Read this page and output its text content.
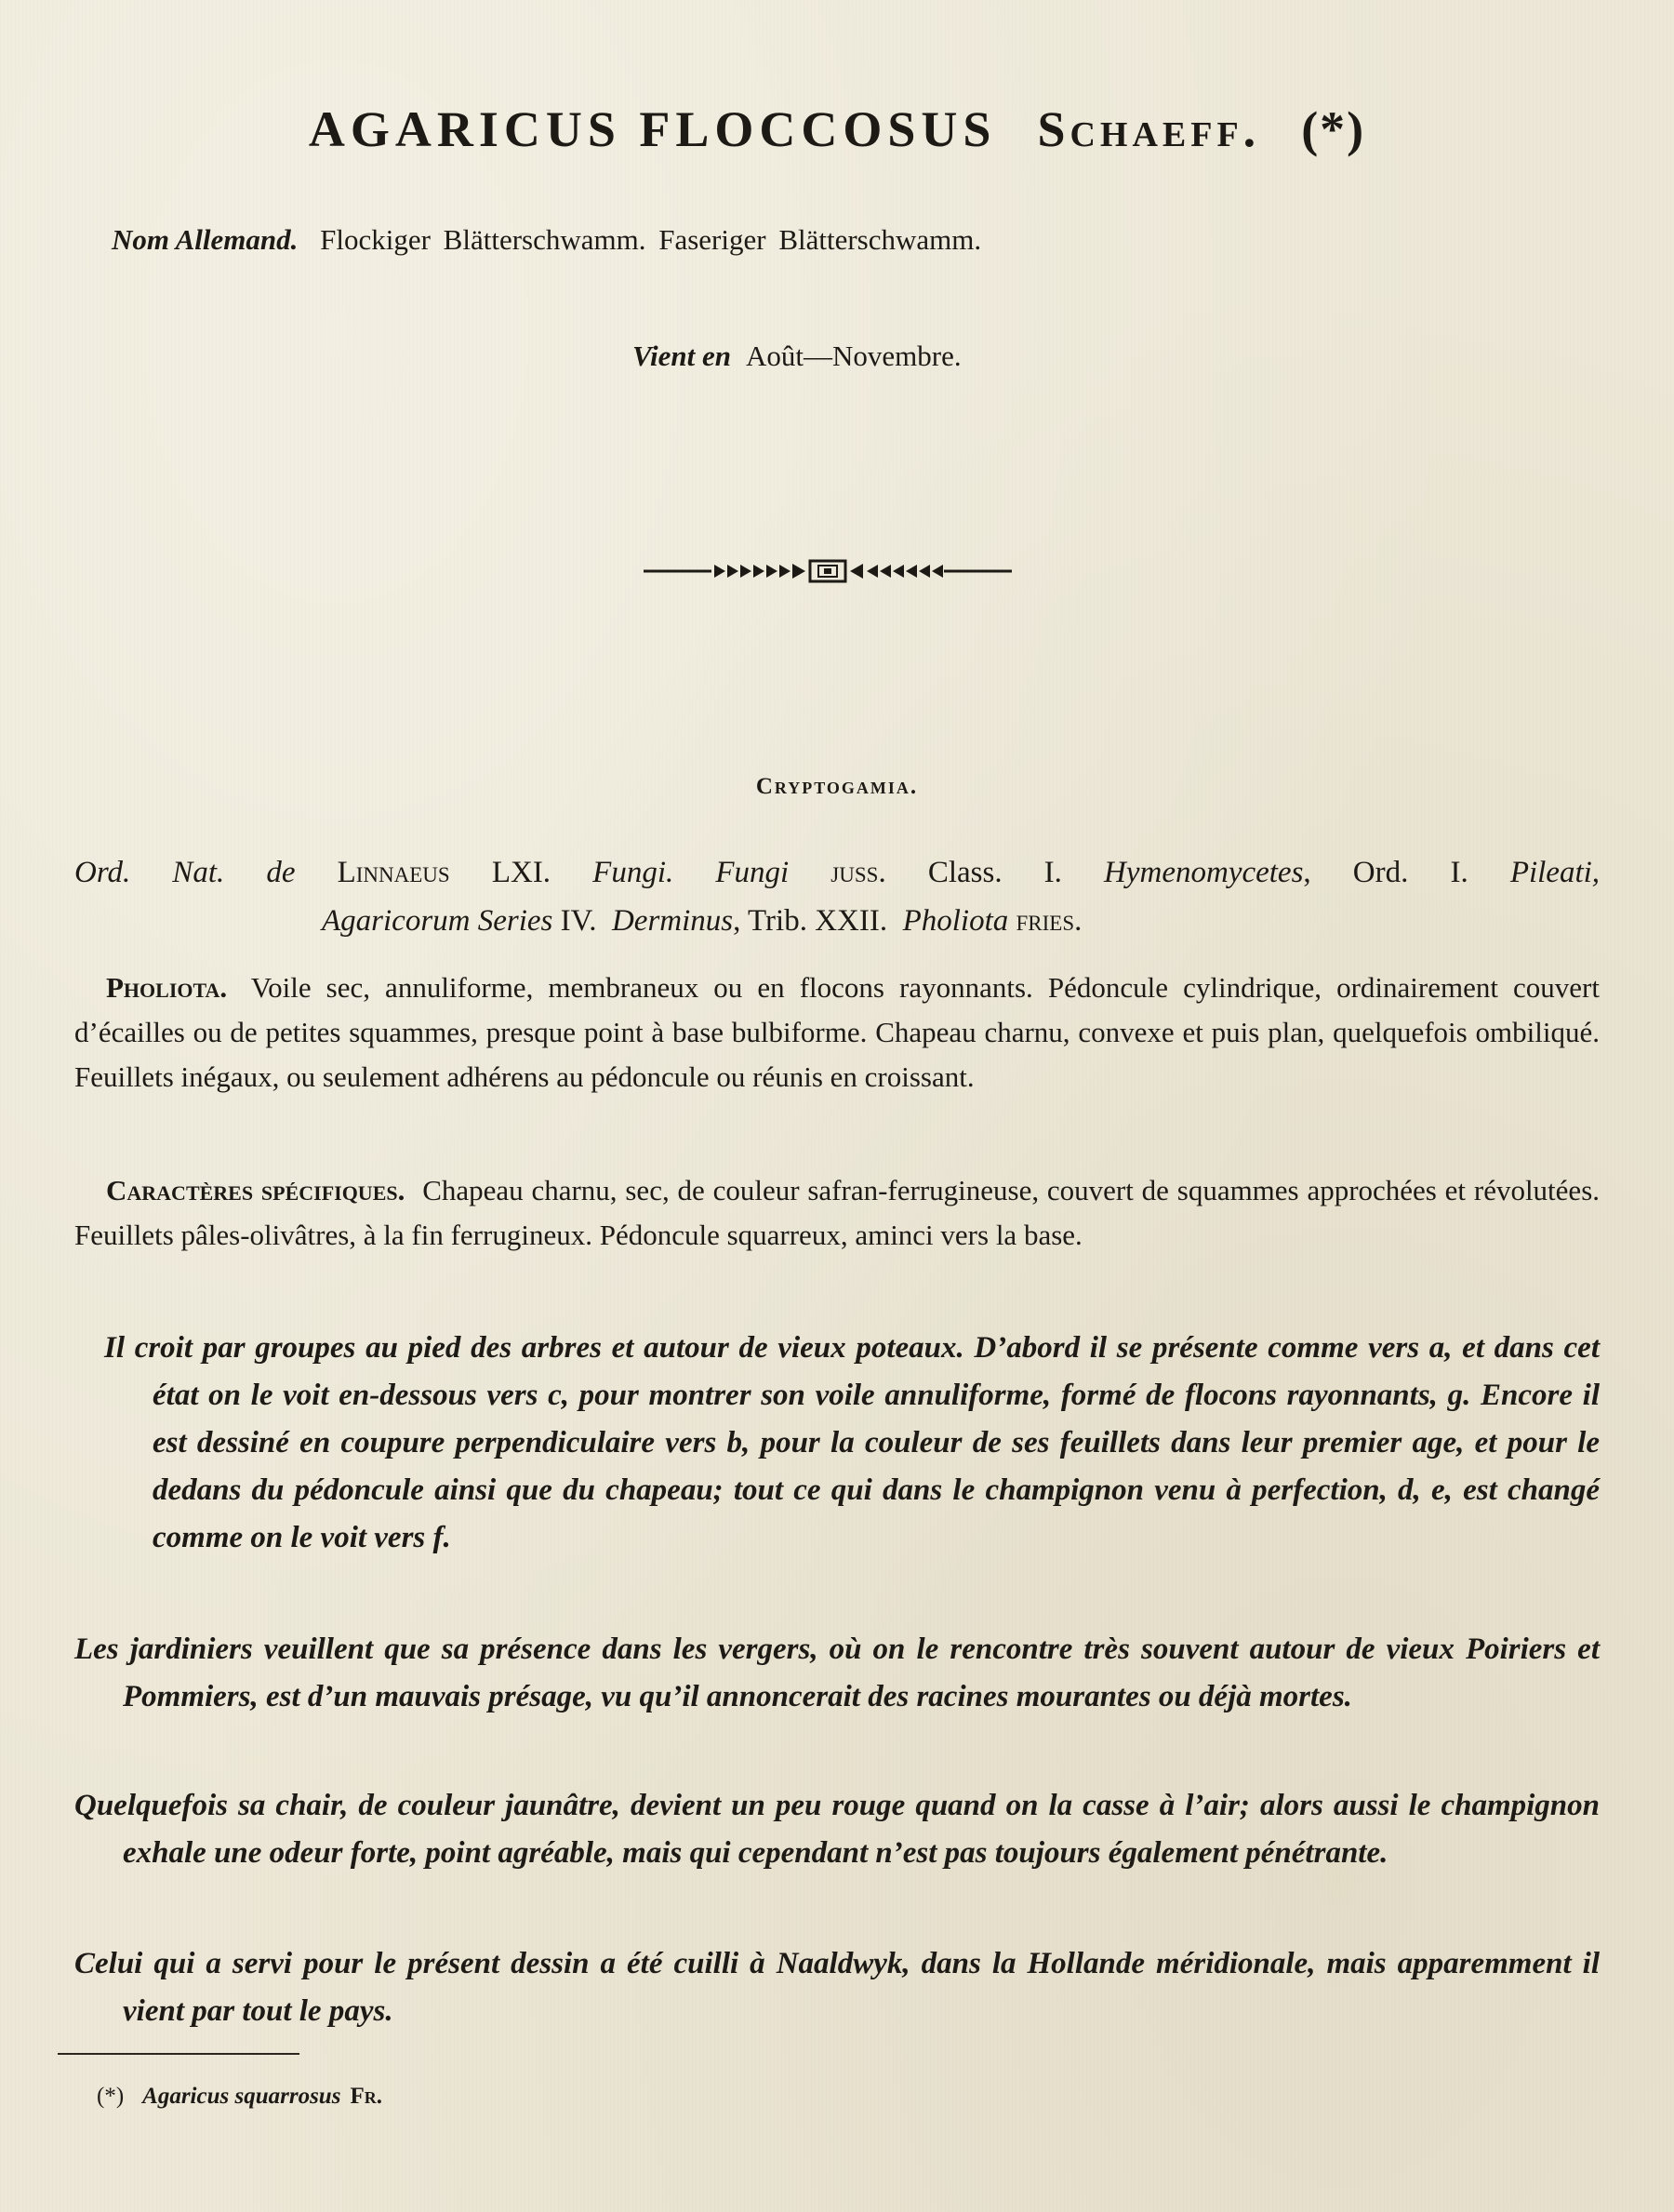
AGARICUS FLOCCOSUS Schaeff. (*)
Nom Allemand. Flockiger Blätterschwamm. Faseriger Blätterschwamm.
Vient en Août—Novembre.
Cryptogamia.
Ord. Nat. de Linnaeus LXI. Fungi. Fungi juss. Class. I. Hymenomycetes, Ord. I. Pileati,
Agaricorum Series IV. Derminus, Trib. XXII. Pholiota fries.
Pholiota. Voile sec, annuliforme, membraneux ou en flocons rayonnants. Pédoncule cylindrique, ordinairement couvert d’écailles ou de petites squammes, presque point à base bulbiforme. Chapeau charnu, convexe et puis plan, quelquefois ombiliqué. Feuillets inégaux, ou seulement adhérens au pédoncule ou réunis en croissant.
Caractères spécifiques. Chapeau charnu, sec, de couleur safran-ferrugineuse, couvert de squammes approchées et révolutées. Feuillets pâles-olivâtres, à la fin ferrugineux. Pédoncule squarreux, aminci vers la base.
Il croit par groupes au pied des arbres et autour de vieux poteaux. D’abord il se présente comme vers a, et dans cet état on le voit en-dessous vers c, pour montrer son voile annuliforme, formé de flocons rayonnants, g. Encore il est dessiné en coupure perpendiculaire vers b, pour la couleur de ses feuillets dans leur premier age, et pour le dedans du pédoncule ainsi que du chapeau; tout ce qui dans le champignon venu à perfection, d, e, est changé comme on le voit vers f.
Les jardiniers veuillent que sa présence dans les vergers, où on le rencontre très souvent autour de vieux Poiriers et Pommiers, est d’un mauvais présage, vu qu’il annoncerait des racines mourantes ou déjà mortes.
Quelquefois sa chair, de couleur jaunâtre, devient un peu rouge quand on la casse à l’air; alors aussi le champignon exhale une odeur forte, point agréable, mais qui cependant n’est pas toujours également pénétrante.
Celui qui a servi pour le présent dessin a été cuilli à Naaldwyk, dans la Hollande méridionale, mais apparemment il vient par tout le pays.
(*) Agaricus squarrosus Fr.
